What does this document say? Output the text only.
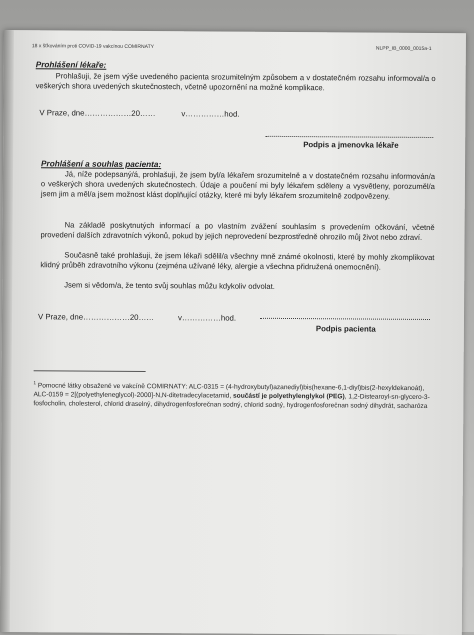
18 x šťkováním proti COVID-19 vakcínou COMIRNATY	NLPP_IB_0000_0015a-1
Prohlášení lékaře:
Prohlašuji, že jsem výše uvedeného pacienta srozumitelným způsobem a v dostatečném rozsahu informoval/a o veškerých shora uvedených skutečnostech, včetně upozornění na možné komplikace.
V Praze, dne………………20……	v……………hod.
Podpis a jmenovka lékaře
Prohlášení a souhlas pacienta:
Já, níže podepsaný/á, prohlašuji, že jsem byl/a lékařem srozumitelně a v dostatečném rozsahu informován/a o veškerých shora uvedených skutečnostech. Údaje a poučení mi byly lékařem sděleny a vysvětleny, porozuměl/a jsem jim a měl/a jsem možnost klást doplňující otázky, které mi byly lékařem srozumitelně zodpovězeny.
Na základě poskytnutých informací a po vlastním zvážení souhlasím s provedením očkování, včetně provedení dalších zdravotních výkonů, pokud by jejich neprovedení bezprostředně ohrozilo můj život nebo zdraví.
Současně také prohlašuji, že jsem lékaři sdělil/a všechny mně známé okolnosti, které by mohly zkomplikovat klidný průběh zdravotního výkonu (zejména užívané léky, alergie a všechna přidružená onemocnění).
Jsem si vědom/a, že tento svůj souhlas můžu kdykoliv odvolat.
V Praze, dne………………20……	v……………hod.
Podpis pacienta
$^1$ Pomocné látky obsažené ve vakcíně COMIRNATY: ALC-0315 = (4-hydroxybutyl)azanediyl)bis(hexane-6,1-diyl)bis(2-hexyldekanoát), ALC-0159 = 2[(polyethyleneglycol)-2000]-N,N-ditetradecylacetamid, součástí je polyethylenglykol (PEG), 1,2-Distearoyl-sn-glycero-3-fosfocholin, cholesterol, chlorid draselný, dihydrogenfosforečnan sodný, chlorid sodný, hydrogenfosforečnan sodný dihydrát, sacharóza
